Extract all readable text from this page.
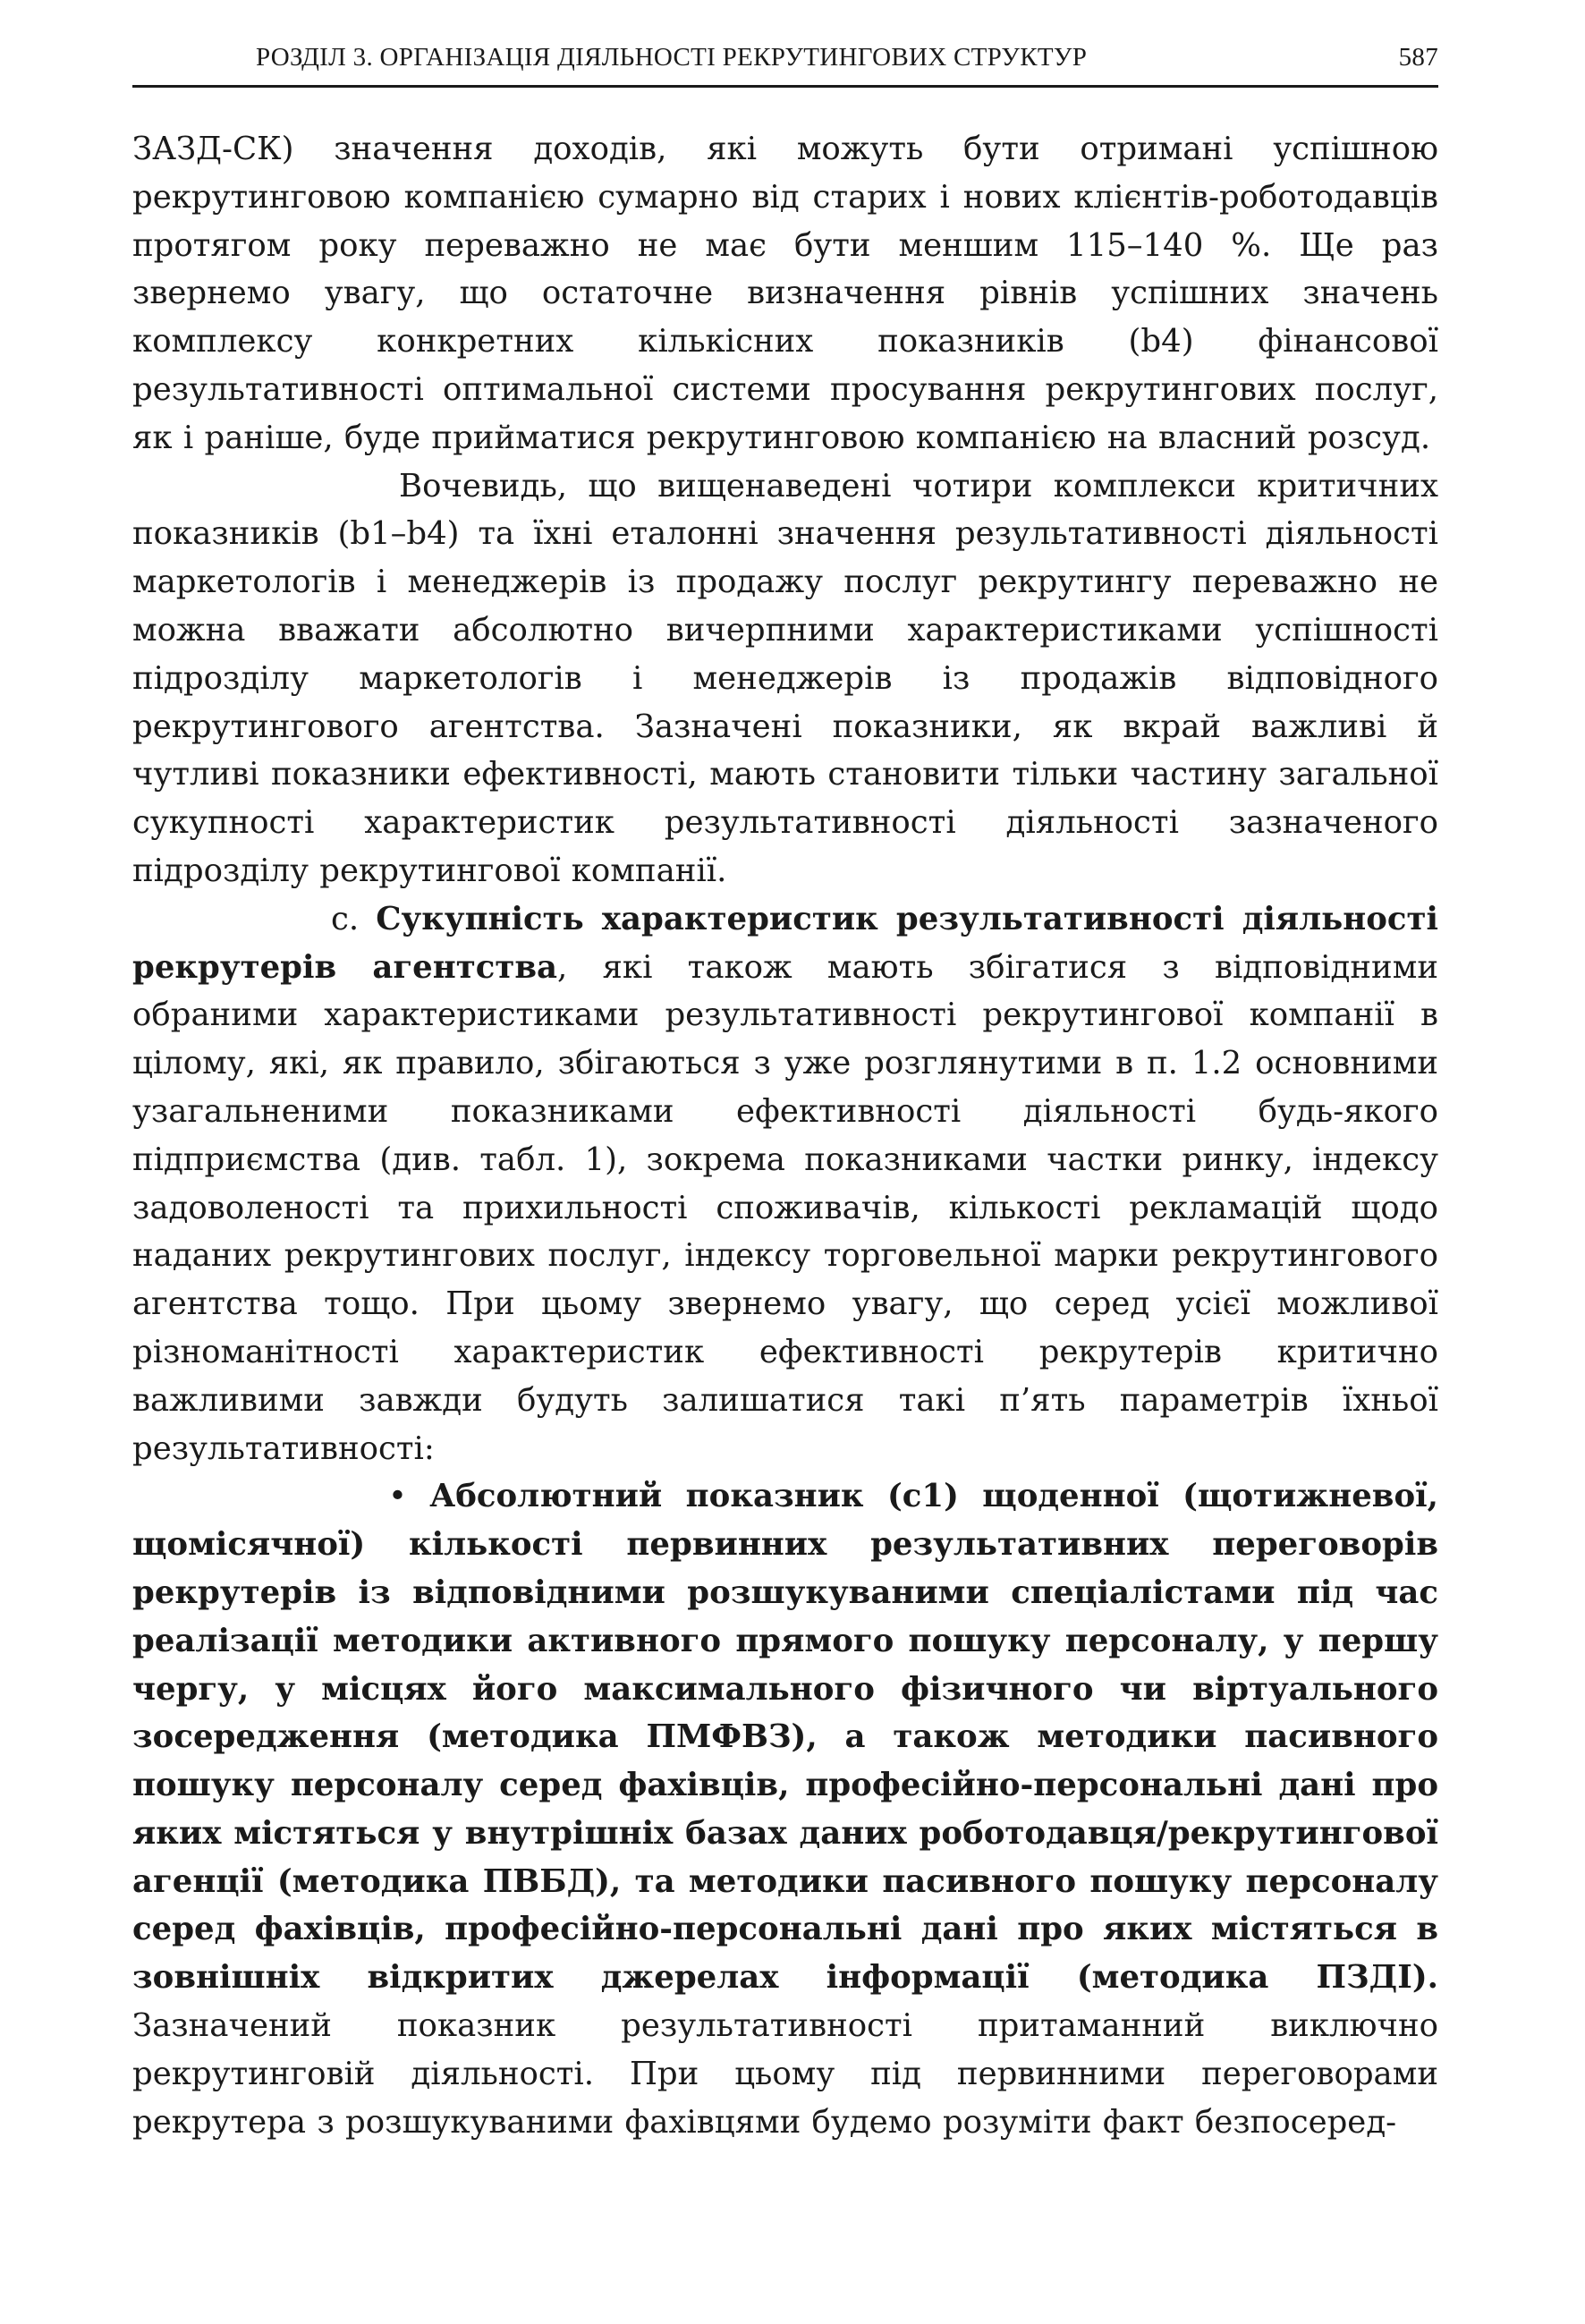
РОЗДІЛ 3. ОРГАНІЗАЦІЯ ДІЯЛЬНОСТІ РЕКРУТИНГОВИХ СТРУКТУР	587

ЗАЗД-СК) значення доходів, які можуть бути отримані успішною рекрутинговою компанією сумарно від старих і нових клієнтів-роботодавців протягом року переважно не має бути меншим 115–140 %. Ще раз звернемо увагу, що остаточне визначення рівнів успішних значень комплексу конкретних кількісних показників (b4) фінансової результативності оптимальної системи просування рекрутингових послуг, як і раніше, буде прийматися рекрутинговою компанією на власний розсуд.

Вочевидь, що вищенаведені чотири комплекси критичних показників (b1–b4) та їхні еталонні значення результативності діяльності маркетологів і менеджерів із продажу послуг рекрутингу переважно не можна вважати абсолютно вичерпними характеристиками успішності підрозділу маркетологів і менеджерів із продажів відповідного рекрутингового агентства. Зазначені показники, як вкрай важливі й чутливі показники ефективності, мають становити тільки частину загальної сукупності характеристик результативності діяльності зазначеного підрозділу рекрутингової компанії.

с. Сукупність характеристик результативності діяльності рекрутерів агентства, які також мають збігатися з відповідними обраними характеристиками результативності рекрутингової компанії в цілому, які, як правило, збігаються з уже розглянутими в п. 1.2 основними узагальненими показниками ефективності діяльності будь-якого підприємства (див. табл. 1), зокрема показниками частки ринку, індексу задоволеності та прихильності споживачів, кількості рекламацій щодо наданих рекрутингових послуг, індексу торговельної марки рекрутингового агентства тощо. При цьому звернемо увагу, що серед усієї можливої різноманітності характеристик ефективності рекрутерів критично важливими завжди будуть залишатися такі п’ять параметрів їхньої результативності:

• Абсолютний показник (с1) щоденної (щотижневої, щомісячної) кількості первинних результативних переговорів рекрутерів із відповідними розшукуваними спеціалістами під час реалізації методики активного прямого пошуку персоналу, у першу чергу, у місцях його максимального фізичного чи віртуального зосередження (методика ПМФВЗ), а також методики пасивного пошуку персоналу серед фахівців, професійно-персональні дані про яких містяться у внутрішніх базах даних роботодавця/рекрутингової агенції (методика ПВБД), та методики пасивного пошуку персоналу серед фахівців, професійно-персональні дані про яких містяться в зовнішніх відкритих джерелах інформації (методика ПЗДІ). Зазначений показник результативності притаманний виключно рекрутинговій діяльності. При цьому під первинними переговорами рекрутера з розшукуваними фахівцями будемо розуміти факт безпосеред-
